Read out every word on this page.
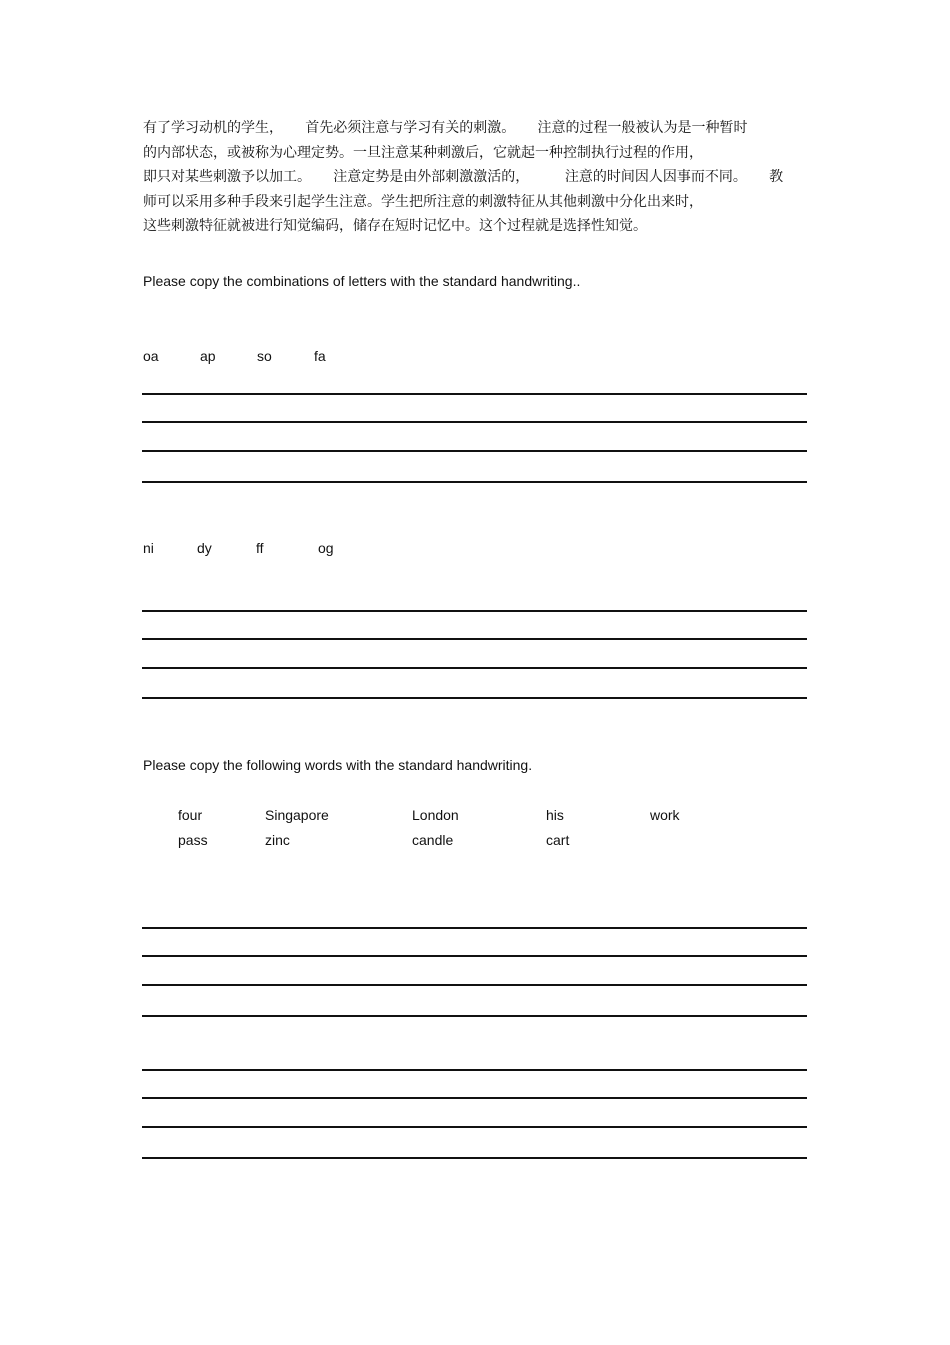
有了学习动机的学生，     首先必须注意与学习有关的刺激。     注意的过程一般被认为是一种暂时
的内部状态，或被称为心理定势。一旦注意某种刺激后，它就起一种控制执行过程的作用，
即只对某些刺激予以加工。     注意定势是由外部刺激激活的，        注意的时间因人因事而不同。     教
师可以采用多种手段来引起学生注意。学生把所注意的刺激特征从其他刺激中分化出来时，
这些刺激特征就被进行知觉编码，储存在短时记忆中。这个过程就是选择性知觉。
Please copy the combinations of letters with the standard handwriting..
oa	ap	so	fa
ni	dy	ff	og
Please copy the following words with the standard handwriting.
four	Singapore	London	his	work
pass	zinc	candle	cart
